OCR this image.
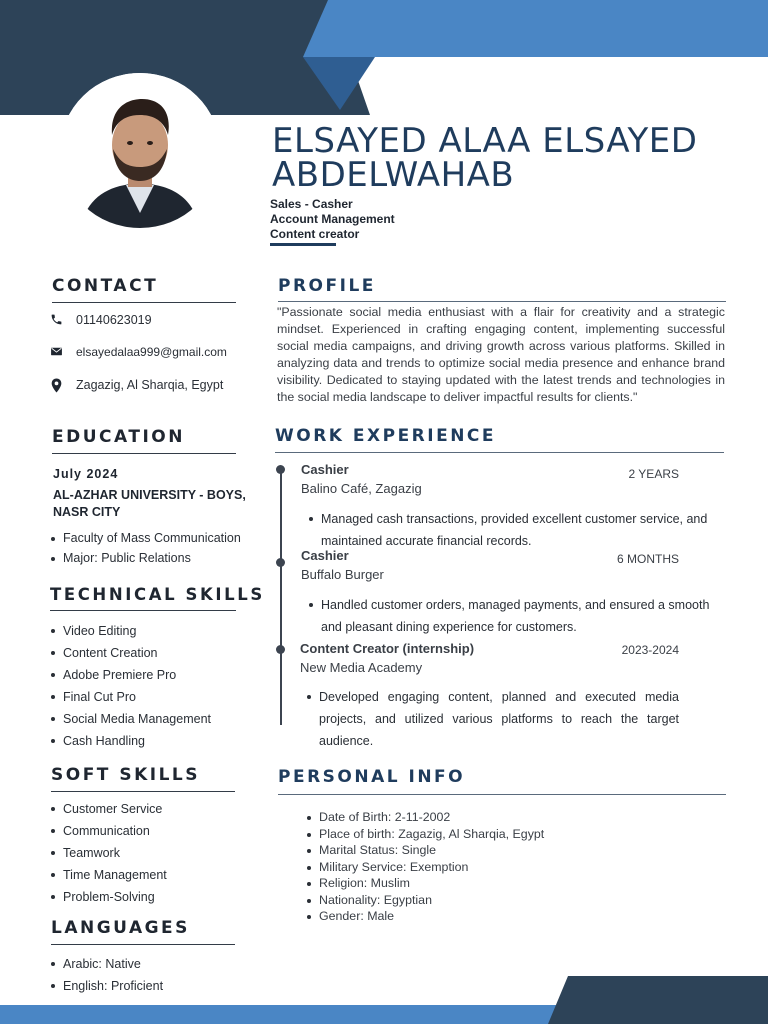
ELSAYED ALAA ELSAYED
ABDELWAHAB
Sales - Casher
Account Management
Content creator
CONTACT
01140623019
elsayedalaa999@gmail.com
Zagazig, Al Sharqia, Egypt
EDUCATION
July 2024
AL-AZHAR UNIVERSITY - BOYS, NASR CITY
Faculty of Mass Communication
Major: Public Relations
TECHNICAL SKILLS
Video Editing
Content Creation
Adobe Premiere Pro
Final Cut Pro
Social Media Management
Cash Handling
SOFT SKILLS
Customer Service
Communication
Teamwork
Time Management
Problem-Solving
LANGUAGES
Arabic: Native
English: Proficient
PROFILE
"Passionate social media enthusiast with a flair for creativity and a strategic mindset. Experienced in crafting engaging content, implementing successful social media campaigns, and driving growth across various platforms. Skilled in analyzing data and trends to optimize social media presence and enhance brand visibility. Dedicated to staying updated with the latest trends and technologies in the social media landscape to deliver impactful results for clients."
WORK EXPERIENCE
Cashier	2 YEARS
Balino Café, Zagazig
Managed cash transactions, provided excellent customer service, and maintained accurate financial records.
Cashier	6 MONTHS
Buffalo Burger
Handled customer orders, managed payments, and ensured a smooth and pleasant dining experience for customers.
Content Creator (internship)	2023-2024
New Media Academy
Developed engaging content, planned and executed media projects, and utilized various platforms to reach the target audience.
PERSONAL INFO
Date of Birth: 2-11-2002
Place of birth: Zagazig, Al Sharqia, Egypt
Marital Status: Single
Military Service: Exemption
Religion: Muslim
Nationality: Egyptian
Gender: Male
